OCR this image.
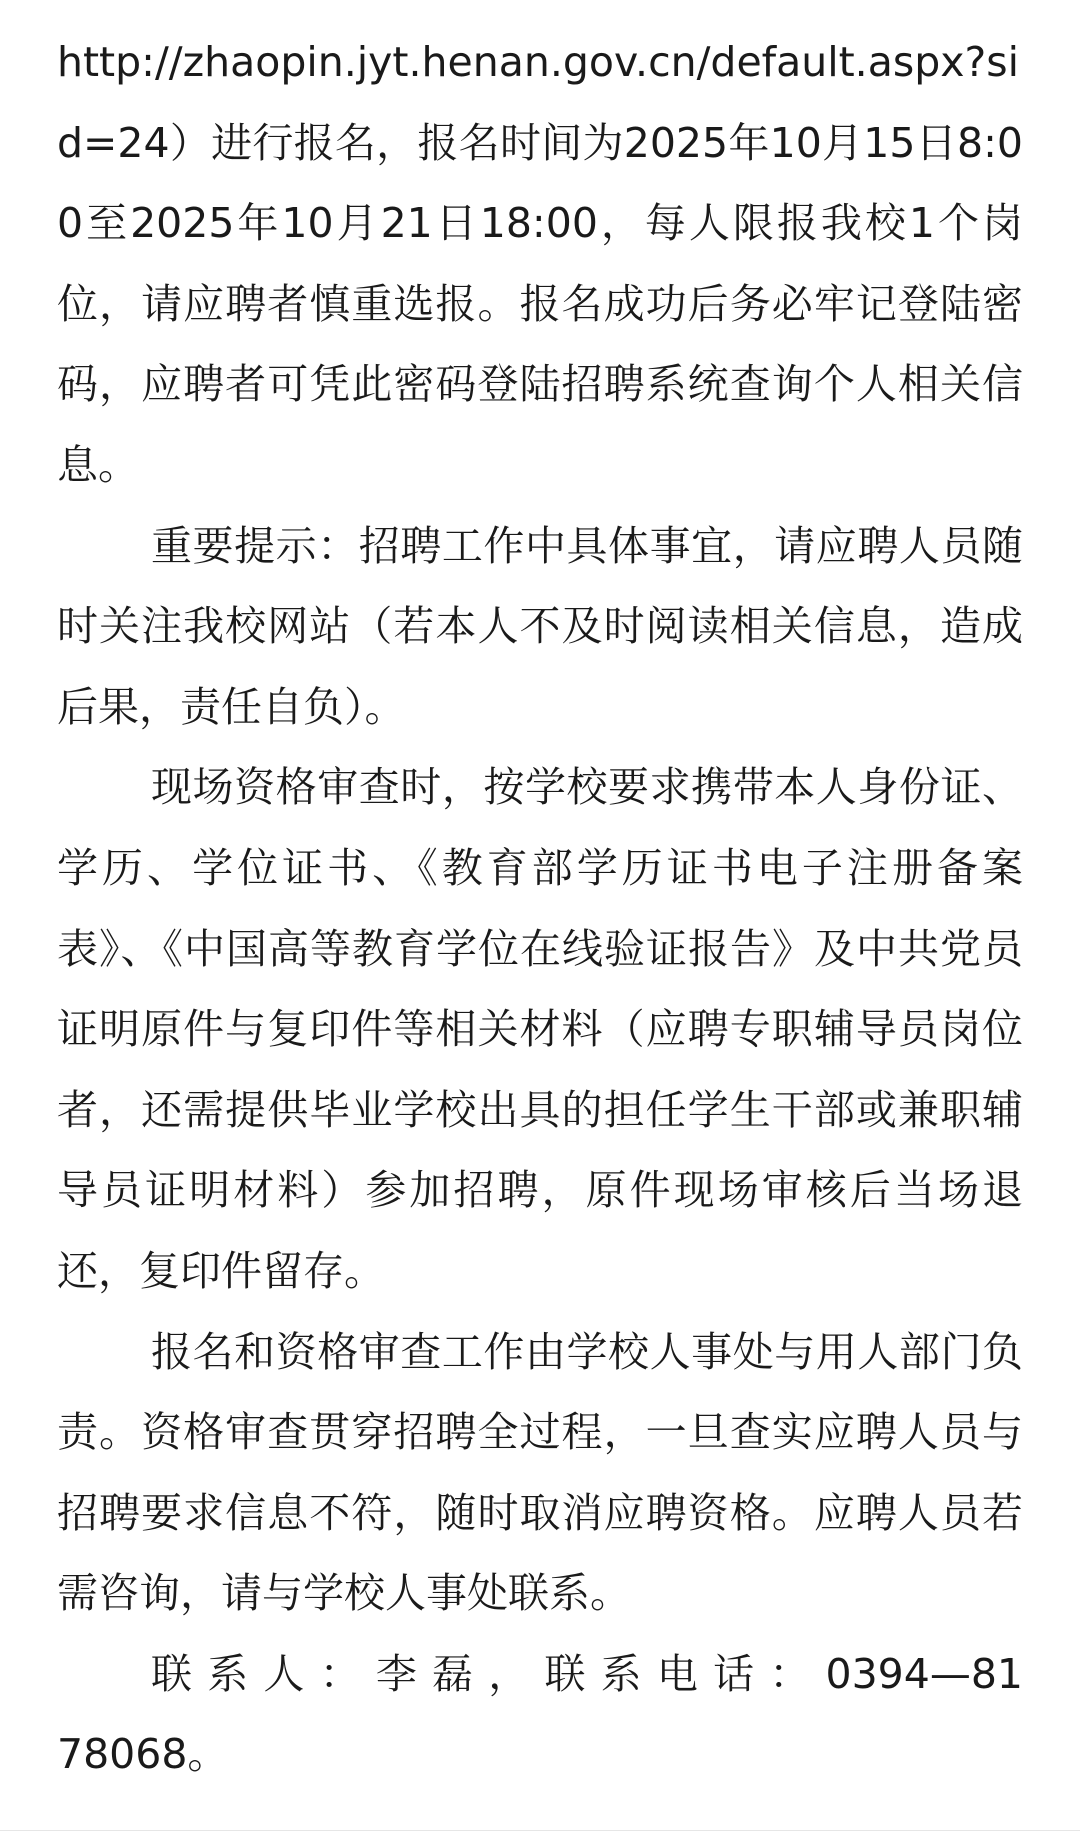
http://zhaopin.jyt.henan.gov.cn/default.aspx?sid=24）进行报名，报名时间为2025年10月15日8:00至2025年10月21日18:00，每人限报我校1个岗位，请应聘者慎重选报。报名成功后务必牢记登陆密码，应聘者可凭此密码登陆招聘系统查询个人相关信息。

重要提示：招聘工作中具体事宜，请应聘人员随时关注我校网站（若本人不及时阅读相关信息，造成后果，责任自负）。

现场资格审查时，按学校要求携带本人身份证、学历、学位证书、《教育部学历证书电子注册备案表》、《中国高等教育学位在线验证报告》及中共党员证明原件与复印件等相关材料（应聘专职辅导员岗位者，还需提供毕业学校出具的担任学生干部或兼职辅导员证明材料）参加招聘，原件现场审核后当场退还，复印件留存。

报名和资格审查工作由学校人事处与用人部门负责。资格审查贯穿招聘全过程，一旦查实应聘人员与招聘要求信息不符，随时取消应聘资格。应聘人员若需咨询，请与学校人事处联系。

联系人：李磊，联系电话：0394—8178068。
